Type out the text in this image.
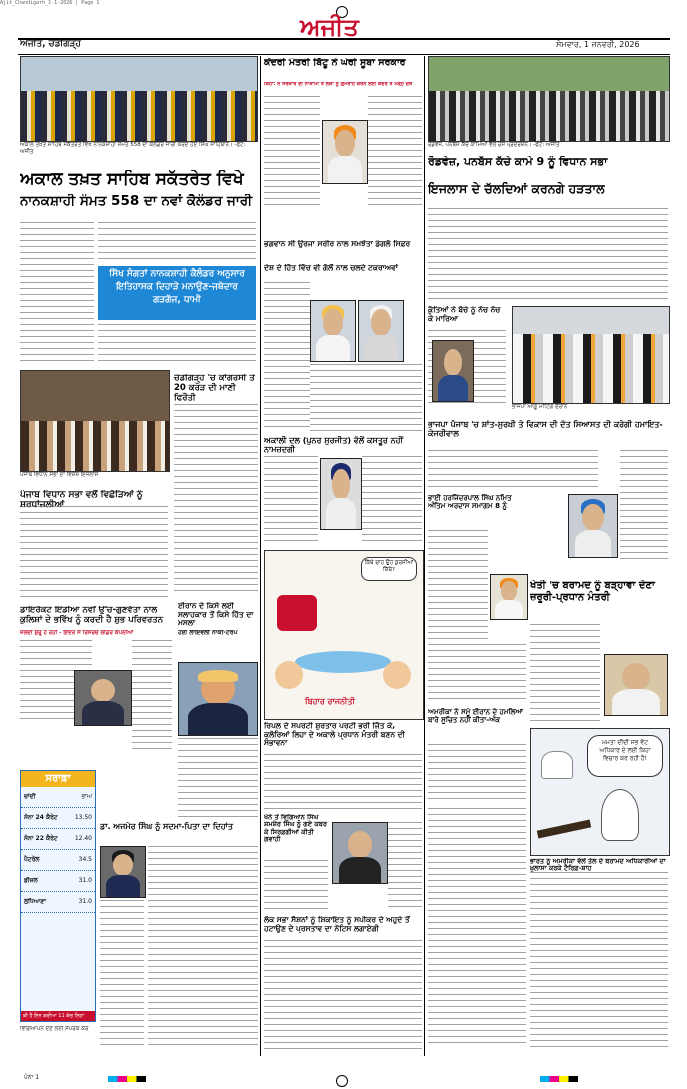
Ajit_Chandigarh_1-1-2026 | Page 1
ਅਜੀਤ, ਚੰਡੀਗੜ੍ਹ
ਅਜੀਤ
ਸੋਮਵਾਰ, 1 ਜਨਵਰੀ, 2026
ਅਕਾਲ ਤਖ਼ਤ ਸਾਹਿਬ ਸਕੱਤਰੇਤ ਵਿਖੇ ਨਾਨਕਸ਼ਾਹੀ ਸੰਮਤ 558 ਦਾ ਕੈਲੰਡਰ ਜਾਰੀ ਕਰਦੇ ਹੋਏ ਸਿੰਘ ਸਾਹਿਬਾਨ। -ਫੋਟੋ: ਅਜੀਤ
ਅਕਾਲ ਤਖ਼ਤ ਸਾਹਿਬ ਸਕੱਤਰੇਤ ਵਿਖੇ
ਨਾਨਕਸ਼ਾਹੀ ਸੰਮਤ 558 ਦਾ ਨਵਾਂ ਕੈਲੰਡਰ ਜਾਰੀ
ਸਿੱਖ ਸੰਗਤਾਂ ਨਾਨਕਸ਼ਾਹੀ ਕੈਲੰਡਰ ਅਨੁਸਾਰ ਇਤਿਹਾਸਕ ਦਿਹਾੜੇ ਮਨਾਉਣ-ਜਥੇਦਾਰ ਗੜਗੱਜ, ਧਾਮੀ
ਪੰਜਾਬ ਵਿਧਾਨ ਸਭਾ ਦਾ ਵਿਸ਼ੇਸ਼ ਇਜਲਾਸ
ਪੰਜਾਬ ਵਿਧਾਨ ਸਭਾ ਵਲੋਂ ਵਿਛੋੜਿਆਂ ਨੂੰ
ਚੰਡੀਗੜ੍ਹ 'ਚ ਕਾਂਗਰਸੀ ਤੇ 20 ਕਰੋੜ ਦੀ ਮਾਣੀ ਫਿਰੌਤੀ
ਡਾਇਰੈਕਟ ਇੰਡੀਆ ਨਵੀਂ ਉੱਚ-ਗੁਣਵੱਤਾ ਨਾਲ ਕੁਲਿਸ਼ਾਂ ਦੇ ਭਵਿੱਖ ਨੂੰ ਕਰਦੀ ਹੈ ਸ਼ੁਭ ਪਰਿਵਰਤਨ
ਜ਼ਲਦੀ ਸ਼ੁਰੂ ਹੋ ਰਹੀ - ਇੰਦਰ ਸੋ ਰਿਸਰਚ ਲੀਡਰ ਕੰਪਨੀਆਂ
ਈਰਾਨ ਦੇ ਕਿਸੇ ਲਈ ਸਲਾਹਕਾਰ ਤੋਂ ਕਿਸੇ ਹਿੱਤ ਦਾ ਮਸਲਾ
ਹੋਈ ਲਾਇਵਲੀ ਨਾਕੀ-ਟਰੰਪ
ਸਰਾਫ਼ਾ
ਚਾਂਦੀ	ਭਾਅ
ਸੋਨਾ 24 ਕੈਰੇਟ	13.50
ਸੋਨਾ 22 ਕੈਰੇਟ	12.40
ਪੈਟਰੋਲ	34.5
ਡੀਜ਼ਲ	31.0
ਲੁਧਿਆਣਾ	31.0
ਕੀ ਹੈ ਇਨ ਕਰੀਆ 11 ਕੱਚ ਲਿਹਾ
ਡਾ. ਅਜਮੇਰ ਸਿੰਘ ਨੂੰ ਸਦਮਾ-ਪਿਤਾ ਦਾ ਦਿਹਾਂਤ
ਵਿਗਿਆਪਨ ਦੇਣ ਲਈ ਸੰਪਰਕ ਕਰੋ
ਕੇਂਦਰੀ ਮੰਤਰੀ ਬਿੱਟੂ ਨੇ ਘੇਰੀ ਸੂਬਾ ਸਰਕਾਰ
ਕਿਹਾ: ਨੋ ਸਰਕਾਰ ਦੀ ਨਾਕਾਮੀ ਤੋਂ ਲੋਕਾਂ ਨੂੰ ਗੁਮਰਾਹ ਕਰਨ ਲਈ ਕੇਂਦਰ ਤੇ ਮੜ੍ਹੇ ਦੋਸ਼
ਭਗਵਾਨ ਸੀ ਉਰਜਾ ਸਰੀਰ ਨਾਲ ਸਮਝੌਤਾ ਡੰਗਲੋ ਸਿਫ਼ਰ
ਦੇਸ਼ ਦੇ ਹਿੱਤ ਵਿੱਚ ਵੀ ਗੱਲੋਂ ਨਾਲ ਚਲਦੇ ਟਕਰਾਅਵਾਂ
ਅਕਾਲੀ ਦਲ (ਪੁਨਰ ਸੁਰਜੀਤ) ਵੱਲੋਂ ਕਸਤੂਰ ਨਹੀਂ ਨਾਮਜ਼ਦਗੀ
ਕਿੱਥੇ ਚਾਹ ਉਹ ਕੁਰਸੀਆਂ ਕਿੱਥੇ?
ਬਿਹਾਰ ਰਾਜਨੀਤੀ
ਰਿਪਲ ਦੇ ਸਪਰਟੀ ਸ਼ੁਰਤਾਰ ਪਰਟੀ ਭਰੀ ਜਿੱਤ ਕੇ, ਕਲੋਰਿਆਂ ਲਿਹਾ ਦੇ ਅਕਾਲੇ ਪ੍ਰਧਾਨ ਮੰਤਰੀ ਬਣਨ ਦੀ ਸੰਭਾਵਨਾ
ਖੰਨੇ ਤੋਂ ਵਿਗਿਆਨ ਸਿੰਘ ਸ਼ਮਸ਼ੇਰ ਸਿੰਘ ਨੂੰ ਗਏ ਕਬਰ ਕੇ ਸਿਰਫ਼ਗੀਆਂ ਕੀਤੀ ਗਵਾਹੀ
ਲੋਕ ਸਭਾ ਸੈਸ਼ਨਾਂ ਨੂੰ ਸ਼ਿਕਾਇਤ ਨੂੰ ਸਪੀਕਰ ਦੇ ਅਹੁਦੇ ਤੋਂ ਹਟਾਉਣ ਦੇ ਪ੍ਰਸਤਾਵ ਦਾ ਨੋਟਿਸ ਲਗਾਏਗੀ
ਰੋਡਵੇਜ਼, ਪਨਬੱਸ ਕੱਚੇ ਕਾਮਿਆਂ ਵੱਲੋਂ ਰੋਸ ਪ੍ਰਦਰਸ਼ਨ। -ਫੋਟੋ: ਅਜੀਤ
ਰੋਡਵੇਜ਼, ਪਨਬੱਸ ਕੱਚੇ ਕਾਮੇ 9 ਨੂੰ ਵਿਧਾਨ ਸਭਾ
ਇਜਲਾਸ ਦੇ ਚੱਲਦਿਆਂ ਕਰਨਗੇ ਹੜਤਾਲ
ਕੁੱਤਿਆਂ ਨੇ ਬੱਚੇ ਨੂੰ ਨੋਚ ਨੋਚ ਕੇ ਮਾਰਿਆ
ਭਾਜਪਾ ਆਗੂ ਮੀਟਿੰਗ ਦੌਰਾਨ
ਭਾਜਪਾ ਪੰਜਾਬ 'ਚ ਸ਼ਾਂਤ-ਸੁਰਖ਼ੀ ਤੇ ਵਿਕਾਸ ਦੀ ਦੱਤ ਸਿਆਸਤ ਦੀ ਕਰੇਗੀ ਹਮਾਇਤ-ਕੇਜਰੀਵਾਲ
ਭਾਈ ਹਰਜਿੰਦਰਪਾਲ ਸਿੰਘ ਨਮਿਤ ਅੰਤਿਮ ਅਰਦਾਸ ਸਮਾਗਮ 8 ਨੂੰ
ਖੇਤੀ 'ਚ ਬਰਾਮਦ ਨੂੰ ਬੜ੍ਹਾਵਾ ਦੇਣਾ ਜ਼ਰੂਰੀ-ਪ੍ਰਧਾਨ ਮੰਤਰੀ
ਅਮਰੀਕਾ ਨੇ ਸਮੂੰ ਈਰਾਨ ਦੇ ਹਮਲਿਆਂ ਬਾਰੇ ਸੂਚਿਤ ਨਹੀਂ ਕੀਤਾ-ਅੰਕ
ਮਮਤਾ ਦੀਦੀ ਸਭ ਵੋਟ ਅਧਿਕਾਰ ਦੇ ਲਈ ਕਿਹਾ ਵਿਚਾਰ ਕਰ ਰਹੀ ਹੈ!
ਭਾਰਤ ਨੂੰ ਅਮਰੀਕਾ ਵੱਲੋਂ ਤੇਲ ਦੇ ਬਰਾਮਦ ਅਧਿਕਾਰੀਆਂ ਦਾ ਖ਼ੁਲਾਸਾ ਕਰਕੇ ਟੈਰਿਫ਼-ਸ਼ਾਹ
ਪੰਨਾ 1
